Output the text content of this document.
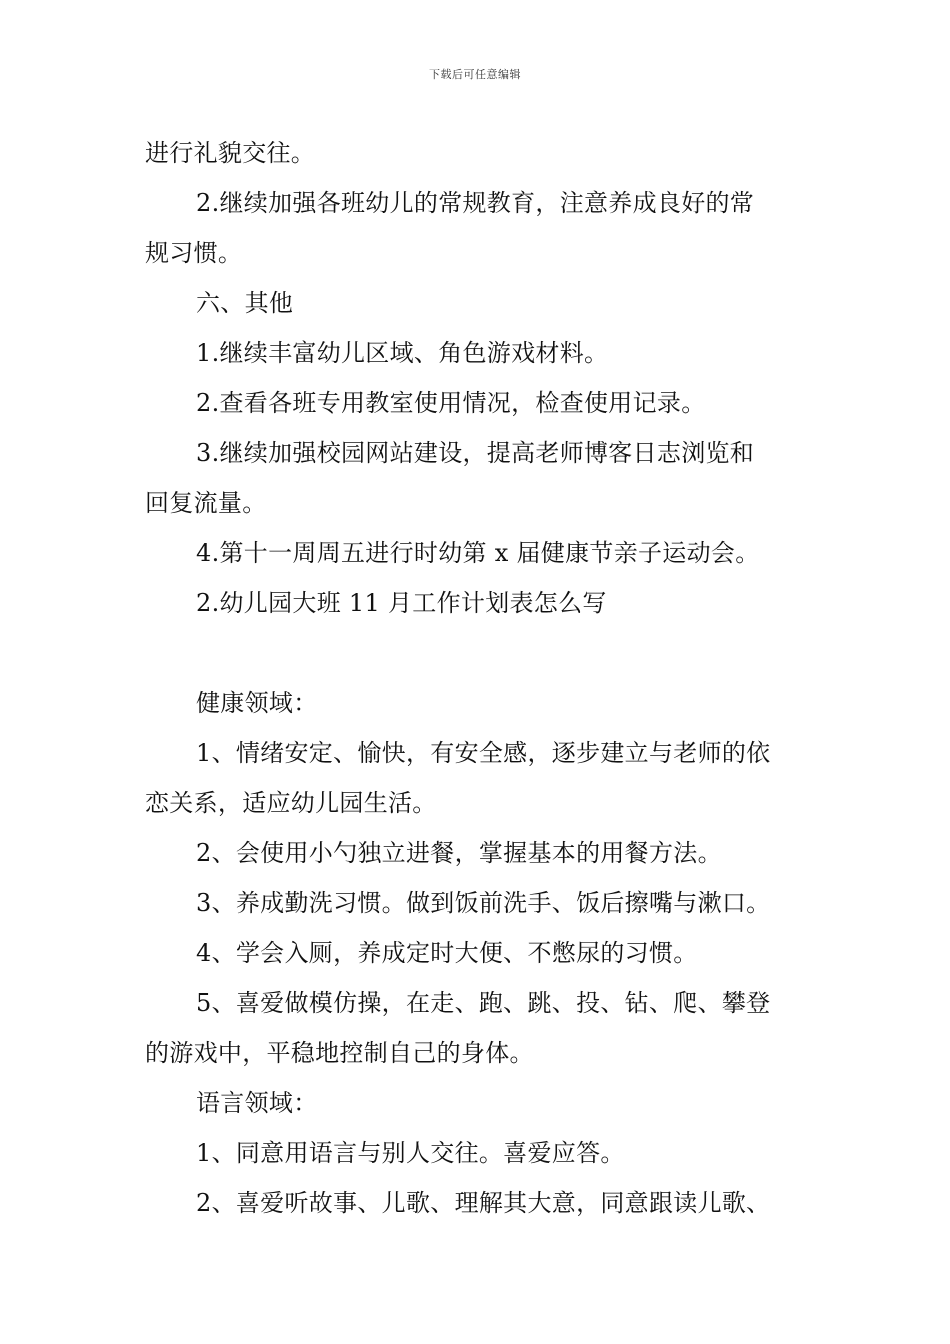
下载后可任意编辑
进行礼貌交往。
2.继续加强各班幼儿的常规教育，注意养成良好的常
规习惯。
六、其他
1.继续丰富幼儿区域、角色游戏材料。
2.查看各班专用教室使用情况，检查使用记录。
3.继续加强校园网站建设，提高老师博客日志浏览和
回复流量。
4.第十一周周五进行时幼第 x 届健康节亲子运动会。
2.幼儿园大班 11 月工作计划表怎么写
健康领域：
1、情绪安定、愉快，有安全感，逐步建立与老师的依
恋关系，适应幼儿园生活。
2、会使用小勺独立进餐，掌握基本的用餐方法。
3、养成勤洗习惯。做到饭前洗手、饭后擦嘴与漱口。
4、学会入厕，养成定时大便、不憋尿的习惯。
5、喜爱做模仿操，在走、跑、跳、投、钻、爬、攀登
的游戏中，平稳地控制自己的身体。
语言领域：
1、同意用语言与别人交往。喜爱应答。
2、喜爱听故事、儿歌、理解其大意，同意跟读儿歌、
